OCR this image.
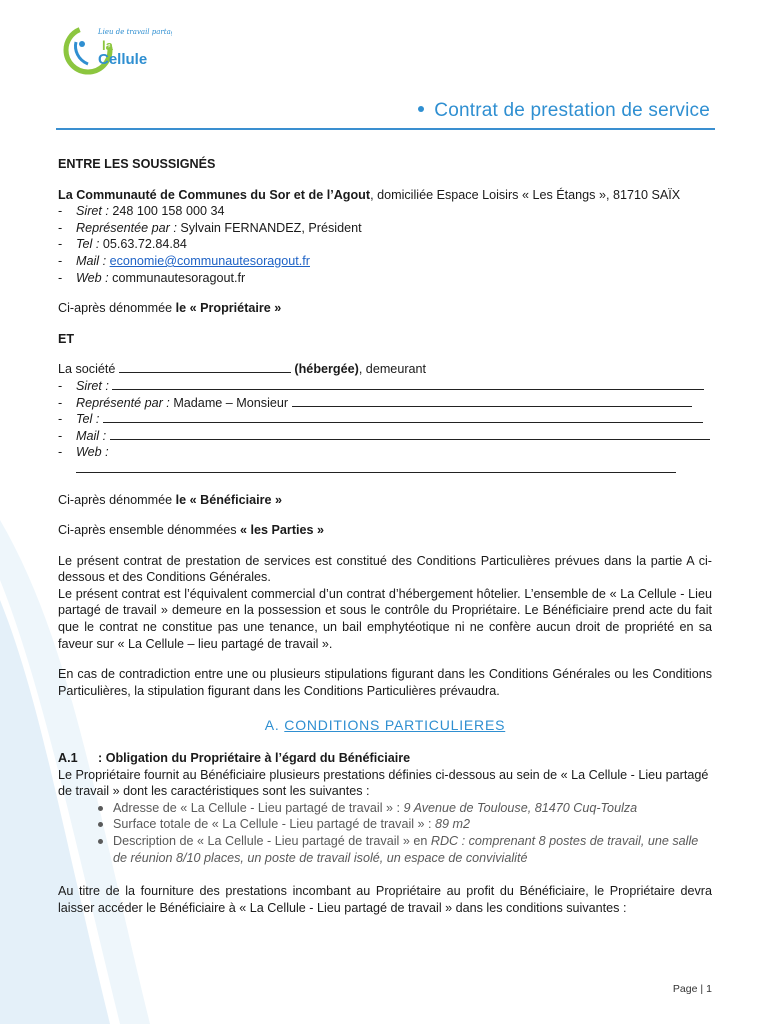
Lieu de travail partagé
la
Cellule
Contrat de prestation de service

ENTRE LES SOUSSIGNÉS

La Communauté de Communes du Sor et de l’Agout, domiciliée Espace Loisirs « Les Étangs », 81710 SAÏX

- Siret : 248 100 158 000 34
- Représentée par : Sylvain FERNANDEZ, Président
- Tel : 05.63.72.84.84
- Mail : economie@communautesoragout.fr
- Web : communautesoragout.fr

Ci-après dénommée le « Propriétaire »

ET

La société	(hébergée), demeurant

- Siret :
- Représenté par : Madame – Monsieur
- Tel :
- Mail :
- Web :

Ci-après dénommée le « Bénéficiaire »

Ci-après ensemble dénommées « les Parties »

Le présent contrat de prestation de services est constitué des Conditions Particulières prévues dans la partie A ci-dessous et des Conditions Générales.

Le présent contrat est l’équivalent commercial d’un contrat d’hébergement hôtelier. L’ensemble de « La Cellule - Lieu partagé de travail » demeure en la possession et sous le contrôle du Propriétaire. Le Bénéficiaire prend acte du fait que le contrat ne constitue pas une tenance, un bail emphytéotique ni ne confère aucun droit de propriété en sa faveur sur « La Cellule – lieu partagé de travail ».

En cas de contradiction entre une ou plusieurs stipulations figurant dans les Conditions Générales ou les Conditions Particulières, la stipulation figurant dans les Conditions Particulières prévaudra.

A. CONDITIONS PARTICULIERES

A.1 : Obligation du Propriétaire à l’égard du Bénéficiaire

Le Propriétaire fournit au Bénéficiaire plusieurs prestations définies ci-dessous au sein de « La Cellule - Lieu partagé de travail » dont les caractéristiques sont les suivantes :

Adresse de « La Cellule - Lieu partagé de travail » : 9 Avenue de Toulouse, 81470 Cuq-Toulza
Surface totale de « La Cellule - Lieu partagé de travail » : 89 m2
Description de « La Cellule - Lieu partagé de travail » en RDC : comprenant 8 postes de travail, une salle de réunion 8/10 places, un poste de travail isolé, un espace de convivialité

Au titre de la fourniture des prestations incombant au Propriétaire au profit du Bénéficiaire, le Propriétaire devra laisser accéder le Bénéficiaire à « La Cellule - Lieu partagé de travail » dans les conditions suivantes :

Page | 1
